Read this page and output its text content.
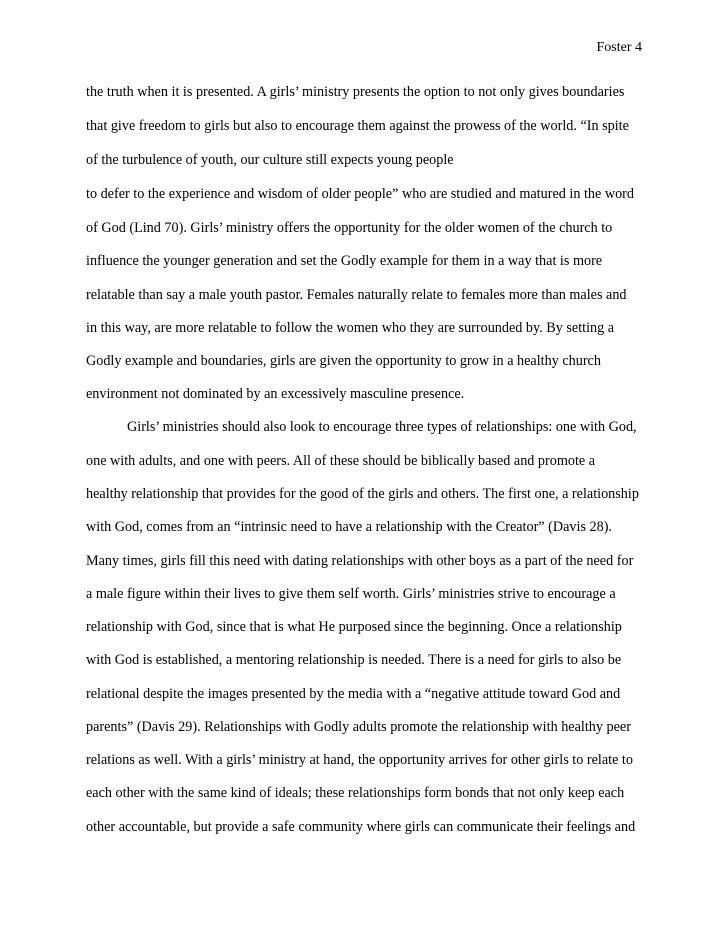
Foster 4
the truth when it is presented. A girls’ ministry presents the option to not only gives boundaries
that give freedom to girls but also to encourage them against the prowess of the world. “In spite
of the turbulence of youth, our culture still expects young people
to defer to the experience and wisdom of older people” who are studied and matured in the word
of God (Lind 70). Girls’ ministry offers the opportunity for the older women of the church to
influence the younger generation and set the Godly example for them in a way that is more
relatable than say a male youth pastor. Females naturally relate to females more than males and
in this way, are more relatable to follow the women who they are surrounded by. By setting a
Godly example and boundaries, girls are given the opportunity to grow in a healthy church
environment not dominated by an excessively masculine presence.
Girls’ ministries should also look to encourage three types of relationships: one with God,
one with adults, and one with peers. All of these should be biblically based and promote a
healthy relationship that provides for the good of the girls and others. The first one, a relationship
with God, comes from an “intrinsic need to have a relationship with the Creator” (Davis 28).
Many times, girls fill this need with dating relationships with other boys as a part of the need for
a male figure within their lives to give them self worth. Girls’ ministries strive to encourage a
relationship with God, since that is what He purposed since the beginning. Once a relationship
with God is established, a mentoring relationship is needed. There is a need for girls to also be
relational despite the images presented by the media with a “negative attitude toward God and
parents” (Davis 29). Relationships with Godly adults promote the relationship with healthy peer
relations as well. With a girls’ ministry at hand, the opportunity arrives for other girls to relate to
each other with the same kind of ideals; these relationships form bonds that not only keep each
other accountable, but provide a safe community where girls can communicate their feelings and
